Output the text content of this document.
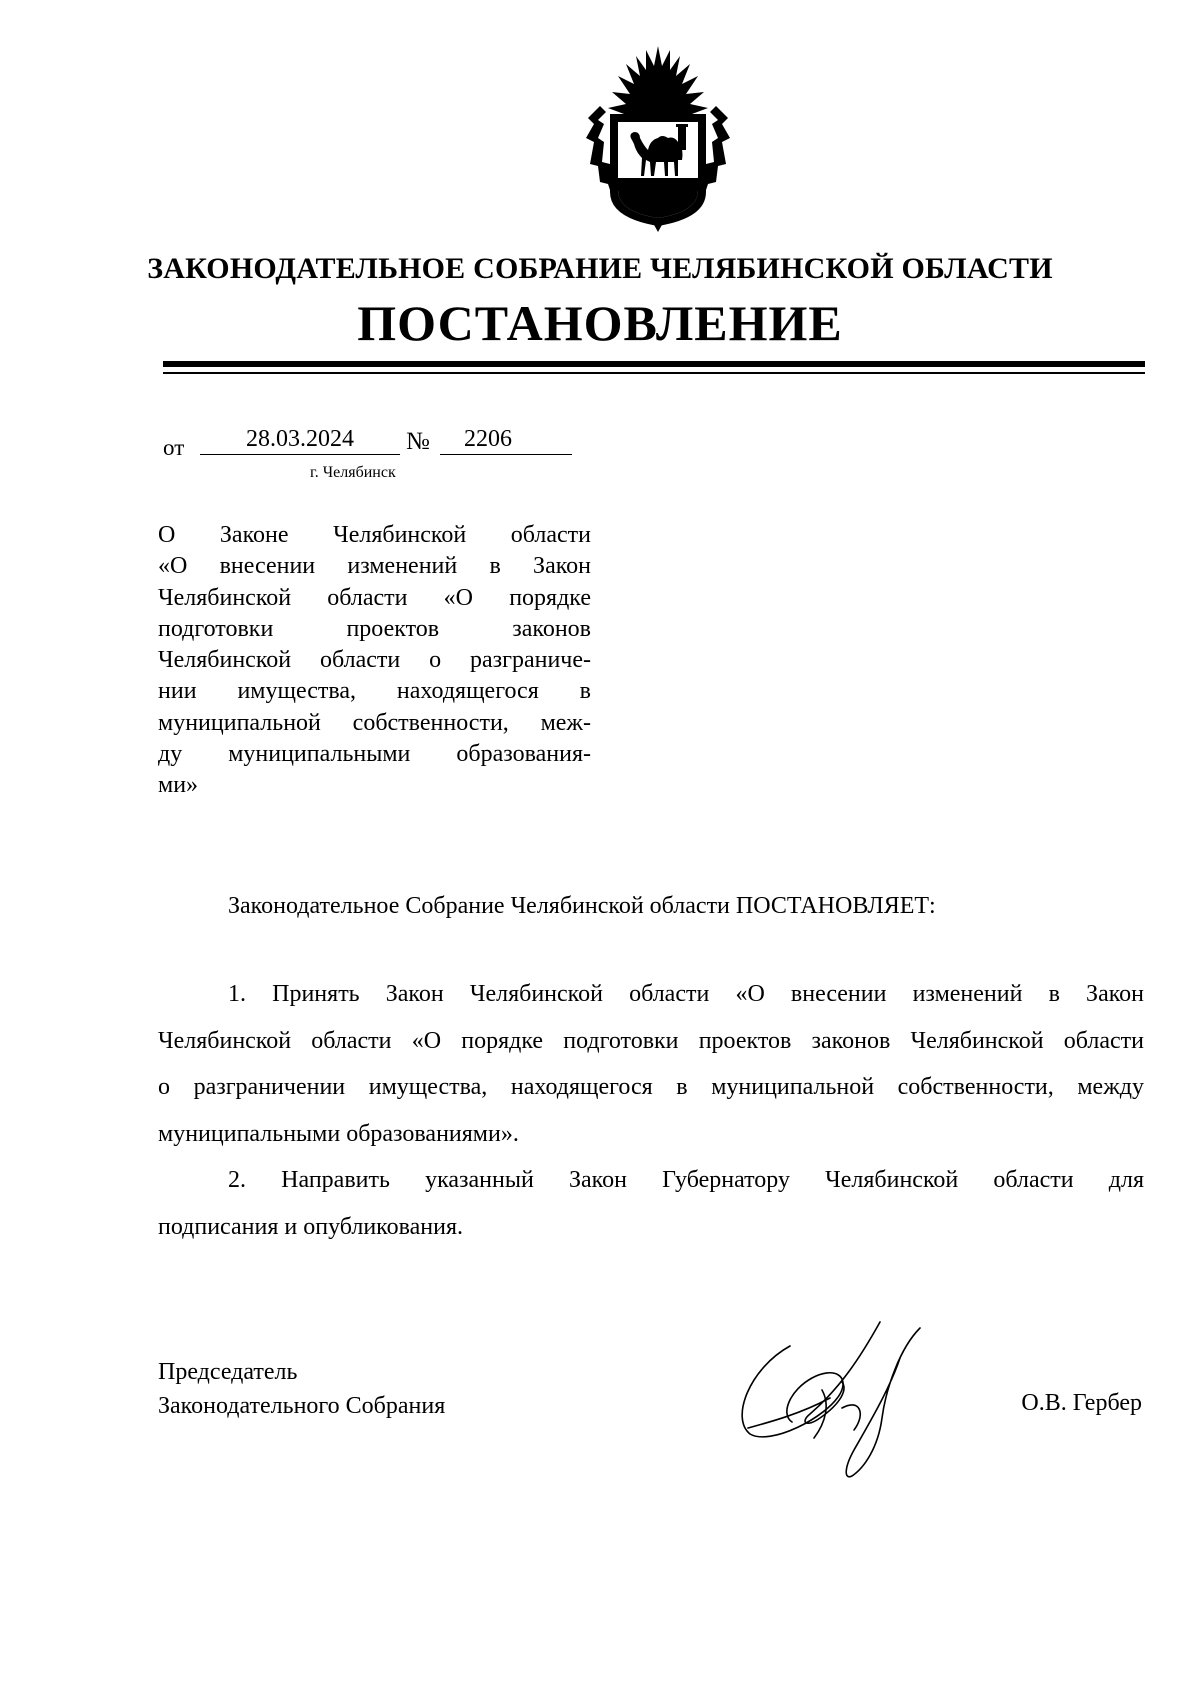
ЗАКОНОДАТЕЛЬНОЕ СОБРАНИЕ ЧЕЛЯБИНСКОЙ ОБЛАСТИ
ПОСТАНОВЛЕНИЕ
от	28.03.2024	№	2206
г. Челябинск
О Законе Челябинской области
«О внесении изменений в Закон
Челябинской области «О порядке
подготовки проектов законов
Челябинской области о разграниче-
нии имущества, находящегося в
муниципальной собственности, меж-
ду муниципальными образования-
ми»
Законодательное Собрание Челябинской области ПОСТАНОВЛЯЕТ:
1. Принять Закон Челябинской области «О внесении изменений в Закон
Челябинской области «О порядке подготовки проектов законов Челябинской области
о разграничении имущества, находящегося в муниципальной собственности, между
муниципальными образованиями».
2. Направить указанный Закон Губернатору Челябинской области для
подписания и опубликования.
Председатель
Законодательного Собрания	О.В. Гербер
